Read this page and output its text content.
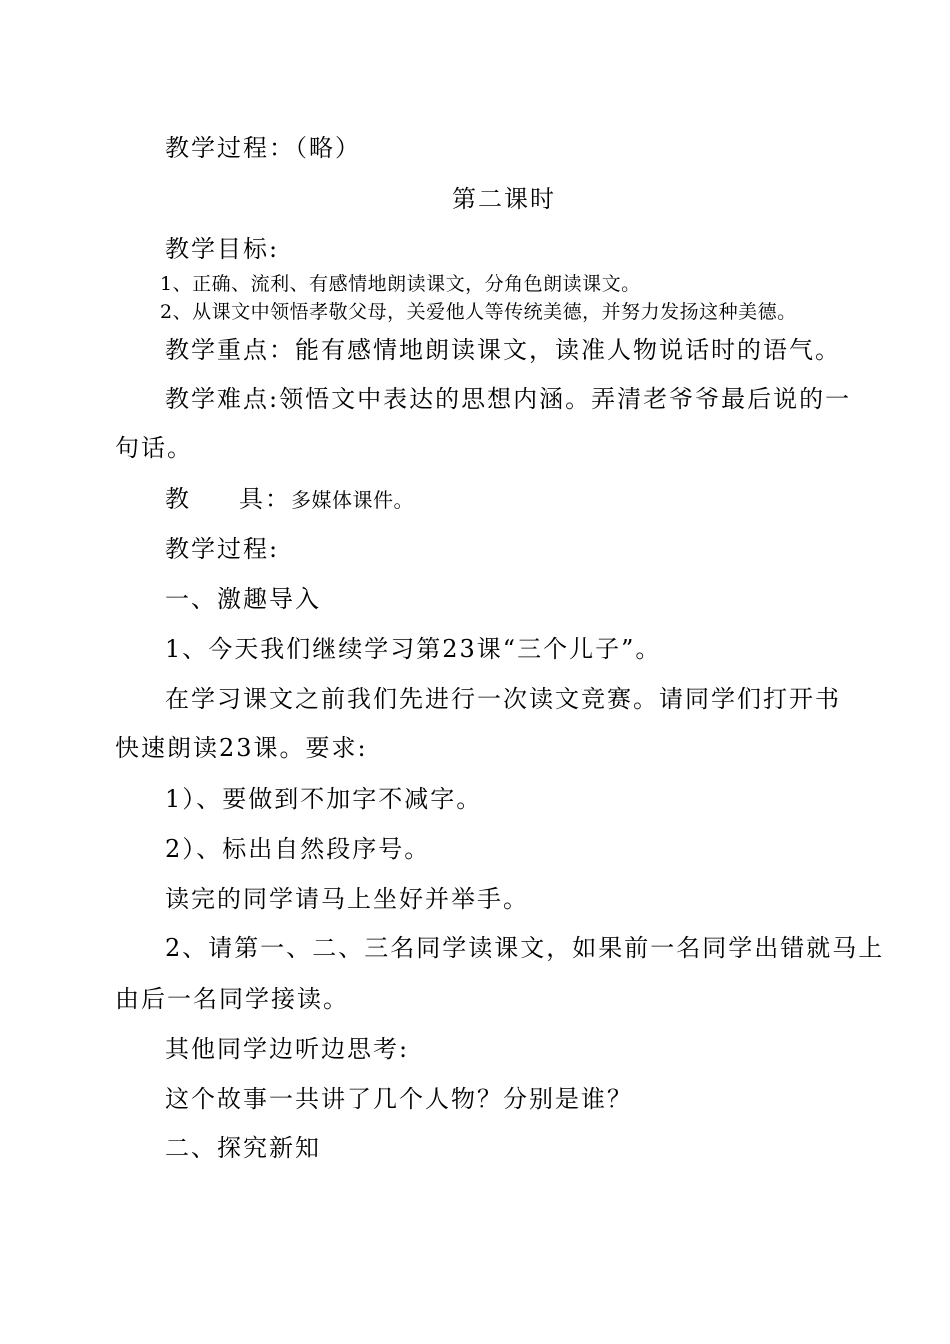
教学过程：（略）
第二课时
教学目标:
1、正确、流利、有感情地朗读课文，分角色朗读课文。
2、从课文中领悟孝敬父母，关爱他人等传统美德，并努力发扬这种美德。
教学重点：能有感情地朗读课文，读准人物说话时的语气。
教学难点:领悟文中表达的思想内涵。弄清老爷爷最后说的一
句话。
教 具：多媒体课件。
教学过程:
一、激趣导入
1、今天我们继续学习第23课“三个儿子”。
在学习课文之前我们先进行一次读文竞赛。请同学们打开书
快速朗读23课。要求:
1）、要做到不加字不减字。
2）、标出自然段序号。
读完的同学请马上坐好并举手。
2、请第一、二、三名同学读课文，如果前一名同学出错就马上
由后一名同学接读。
其他同学边听边思考:
这个故事一共讲了几个人物？分别是谁？
二、探究新知
